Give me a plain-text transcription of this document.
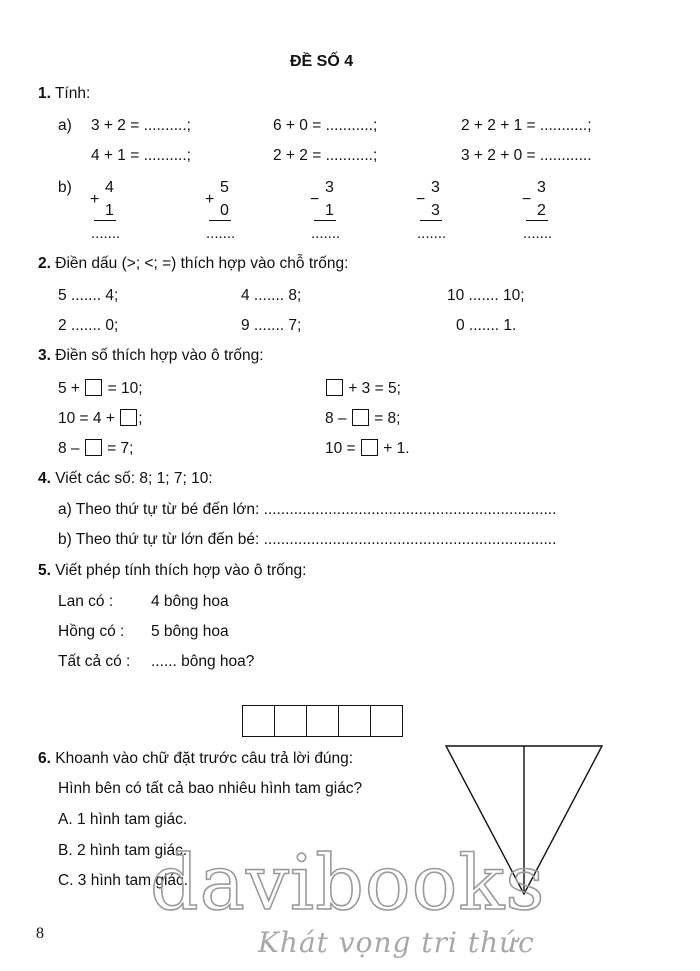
ĐỀ SỐ 4
1. Tính:
a) 3 + 2 = ..........;	6 + 0 = ...........;	2 + 2 + 1 = ...........;
4 + 1 = ..........;	2 + 2 = ...........;	3 + 2 + 0 = ............
b) 4
+
1
.......
5
+
0
.......
3
−
1
.......
3
−
3
.......
3
−
2
.......
2. Điền dấu (>; <; =) thích hợp vào chỗ trống:
5 ....... 4;	4 ....... 8;	10 ....... 10;
2 ....... 0;	9 ....... 7;	0 ....... 1.
3. Điền số thích hợp vào ô trống:
5 + = 10;	+ 3 = 5;
10 = 4 + ;	8 – = 8;
8 – = 7;	10 = + 1.
4. Viết các số: 8; 1; 7; 10:
a) Theo thứ tự từ bé đến lớn: ....................................................................
b) Theo thứ tự từ lớn đến bé: ....................................................................
5. Viết phép tính thích hợp vào ô trống:
Lan có : 4 bông hoa
Hồng có : 5 bông hoa
Tất cả có : ...... bông hoa?
6. Khoanh vào chữ đặt trước câu trả lời đúng:
Hình bên có tất cả bao nhiêu hình tam giác?
A. 1 hình tam giác.
B. 2 hình tam giác.
C. 3 hình tam giác.
8
davibooks
Khát vọng tri thức
